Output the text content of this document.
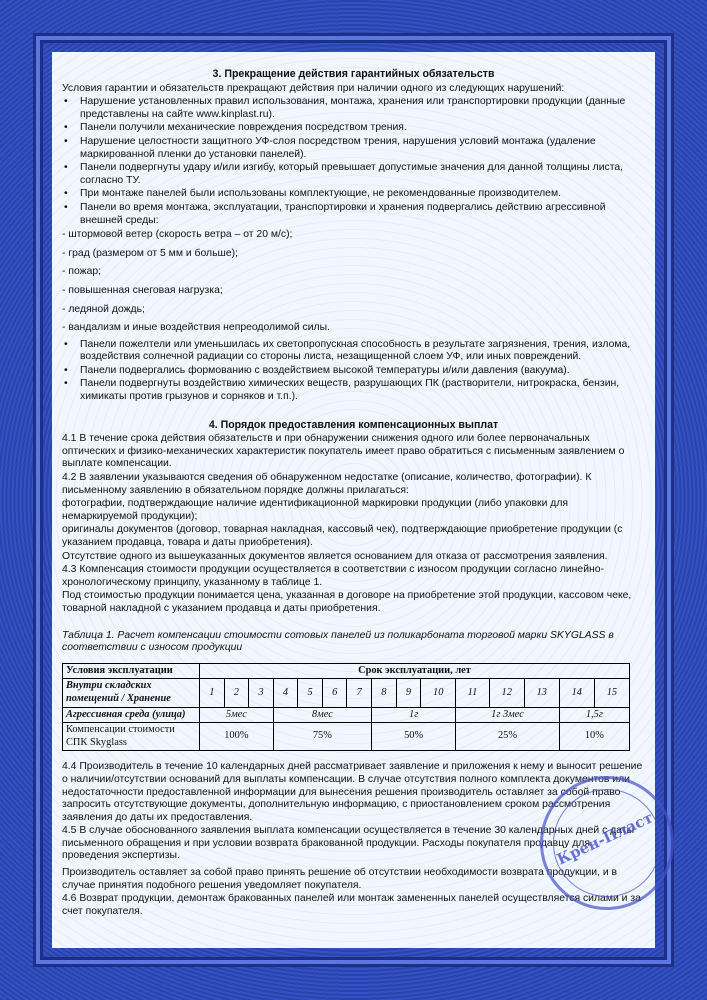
3. Прекращение действия гарантийных обязательств

Условия гарантии и обязательств прекращают действия при наличии одного из следующих нарушений:

• Нарушение установленных правил использования, монтажа, хранения или транспортировки продукции (данные представлены на сайте www.kinplast.ru).
• Панели получили механические повреждения посредством трения.
• Нарушение целостности защитного УФ-слоя посредством трения, нарушения условий монтажа (удаление маркированной пленки до установки панелей).
• Панели подвергнуты удару и/или изгибу, который превышает допустимые значения для данной толщины листа, согласно ТУ.
• При монтаже панелей были использованы комплектующие, не рекомендованные производителем.
• Панели во время монтажа, эксплуатации, транспортировки и хранения подвергались действию агрессивной внешней среды:

- штормовой ветер (скорость ветра – от 20 м/с);

- град (размером от 5 мм и больше);

- пожар;

- повышенная снеговая нагрузка;

- ледяной дождь;

- вандализм и иные воздействия непреодолимой силы.

• Панели пожелтели или уменьшилась их светопропускная способность в результате загрязнения, трения, излома, воздействия солнечной радиации со стороны листа, незащищенной слоем УФ, или иных повреждений.
• Панели подвергались формованию с воздействием высокой температуры и/или давления (вакуума).
• Панели подвергнуты воздействию химических веществ, разрушающих ПК (растворители, нитрокраска, бензин, химикаты против грызунов и сорняков и т.п.).
4. Порядок предоставления компенсационных выплат

4.1 В течение срока действия обязательств и при обнаружении снижения одного или более первоначальных оптических и физико-механических характеристик покупатель имеет право обратиться с письменным заявлением о выплате компенсации.

4.2 В заявлении указываются сведения об обнаруженном недостатке (описание, количество, фотографии). К письменному заявлению в обязательном порядке должны прилагаться:

фотографии, подтверждающие наличие идентификационной маркировки продукции (либо упаковки для немаркируемой продукции);

оригиналы документов (договор, товарная накладная, кассовый чек), подтверждающие приобретение продукции (с указанием продавца, товара и даты приобретения).

Отсутствие одного из вышеуказанных документов является основанием для отказа от рассмотрения заявления.

4.3 Компенсация стоимости продукции осуществляется в соответствии с износом продукции согласно линейно-хронологическому принципу, указанному в таблице 1.

Под стоимостью продукции понимается цена, указанная в договоре на приобретение этой продукции, кассовом чеке, товарной накладной с указанием продавца и даты приобретения.

Таблица 1. Расчет компенсации стоимости сотовых панелей из поликарбоната торговой марки SKYGLASS в соответствии с износом продукции

Условия эксплуатации	Срок эксплуатации, лет														
Внутри складских помещений / Хранение	1	2	3	4	5	6	7	8	9	10	11	12	13	14	15
Агрессивная среда (улица)	5мес			8мес				1г			1г 3мес			1,5г	
Компенсации стоимости СПК Skyglass	100%			75%				50%			25%			10%	

4.4 Производитель в течение 10 календарных дней рассматривает заявление и приложения к нему и выносит решение о наличии/отсутствии оснований для выплаты компенсации. В случае отсутствия полного комплекта документов или недостаточности предоставленной информации для вынесения решения производитель оставляет за собой право запросить отсутствующие документы, дополнительную информацию, с приостановлением сроком рассмотрения заявления до даты их предоставления.

4.5 В случае обоснованного заявления выплата компенсации осуществляется в течение 30 календарных дней с даты письменного обращения и при условии возврата бракованной продукции. Расходы покупателя продавцу для проведения экспертизы.

Производитель оставляет за собой право принять решение об отсутствии необходимости возврата продукции, и в случае принятия подобного решения уведомляет покупателя.

4.6 Возврат продукции, демонтаж бракованных панелей или монтаж замененных панелей осуществляется силами и за счет покупателя.

Крен-Пласт
